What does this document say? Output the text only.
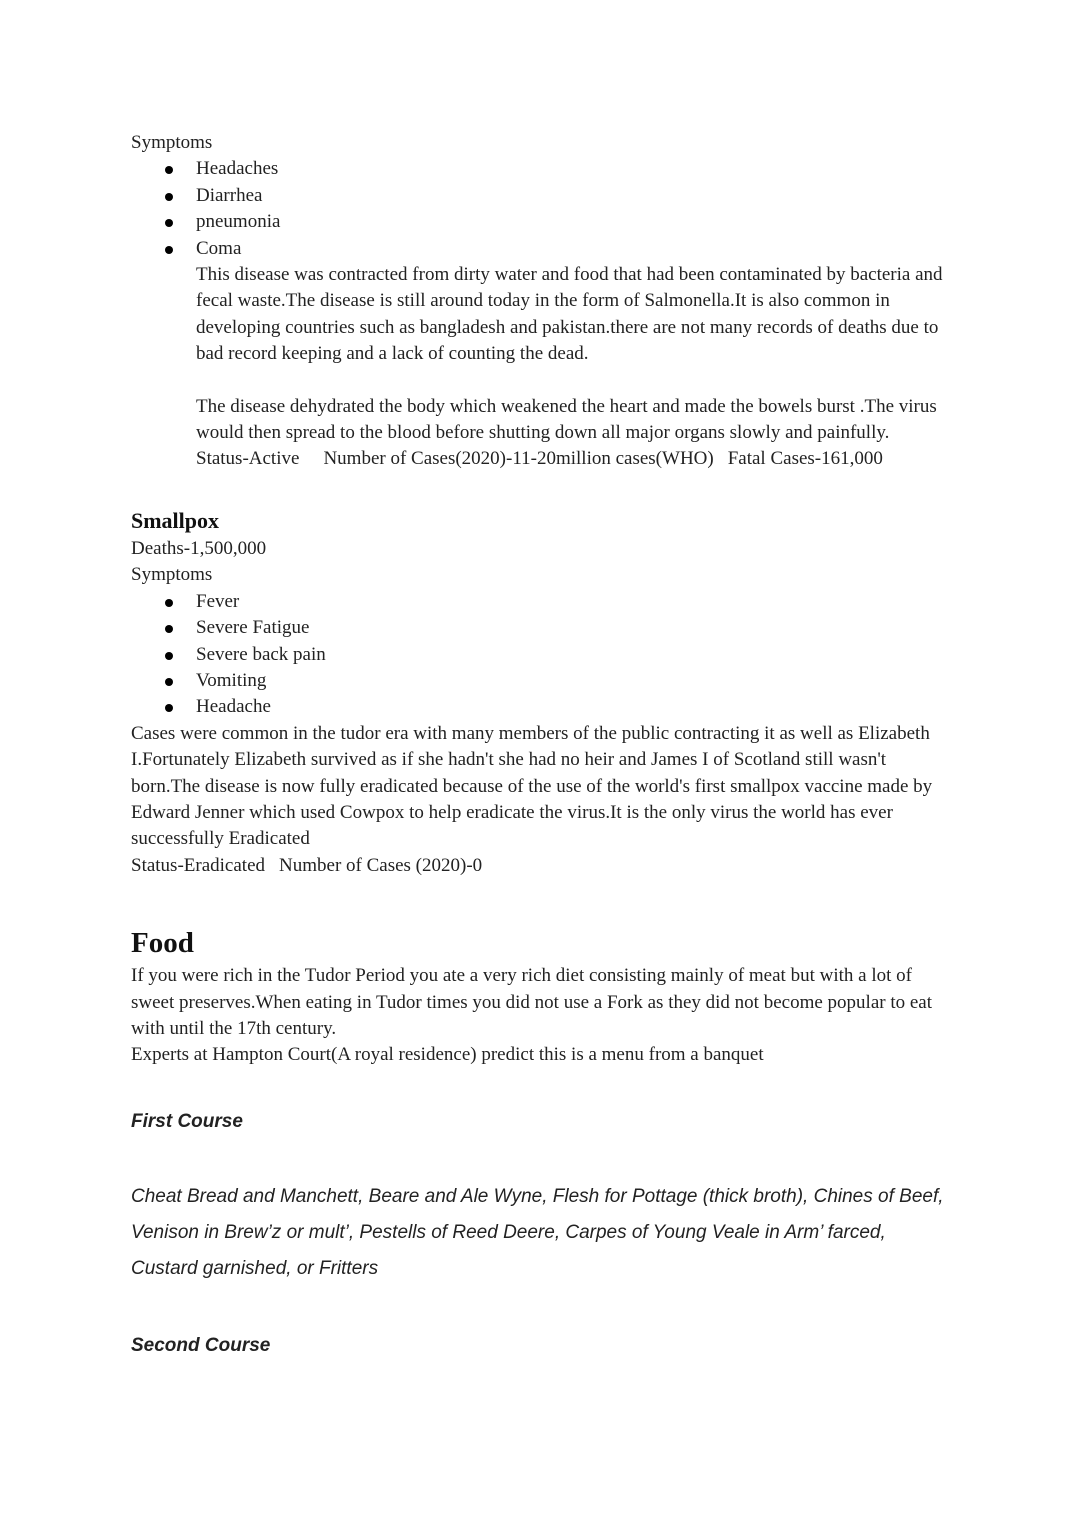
Symptoms

Headaches
Diarrhea
pneumonia
Coma

This disease was contracted from dirty water and food that had been contaminated by bacteria and fecal waste.The disease is still around today in the form of Salmonella.It is also common in developing countries such as bangladesh and pakistan.there are not many records of deaths due to bad record keeping and a lack of counting the dead.

The disease dehydrated the body which weakened the heart and made the bowels burst .The virus would then spread to the blood before shutting down all major organs slowly and painfully.

Status-Active Number of Cases(2020)-11-20million cases(WHO) Fatal Cases-161,000

Smallpox

Deaths-1,500,000

Symptoms

Fever
Severe Fatigue
Severe back pain
Vomiting
Headache

Cases were common in the tudor era with many members of the public contracting it as well as Elizabeth I.Fortunately Elizabeth survived as if she hadn't she had no heir and James I of Scotland still wasn't born.The disease is now fully eradicated because of the use of the world's first smallpox vaccine made by Edward Jenner which used Cowpox to help eradicate the virus.It is the only virus the world has ever successfully Eradicated

Status-Eradicated Number of Cases (2020)-0

Food

If you were rich in the Tudor Period you ate a very rich diet consisting mainly of meat but with a lot of sweet preserves.When eating in Tudor times you did not use a Fork as they did not become popular to eat with until the 17th century.

Experts at Hampton Court(A royal residence) predict this is a menu from a banquet

First Course

Cheat Bread and Manchett, Beare and Ale Wyne, Flesh for Pottage (thick broth), Chines of Beef, Venison in Brew’z or mult’, Pestells of Reed Deere, Carpes of Young Veale in Arm’ farced, Custard garnished, or Fritters

Second Course
